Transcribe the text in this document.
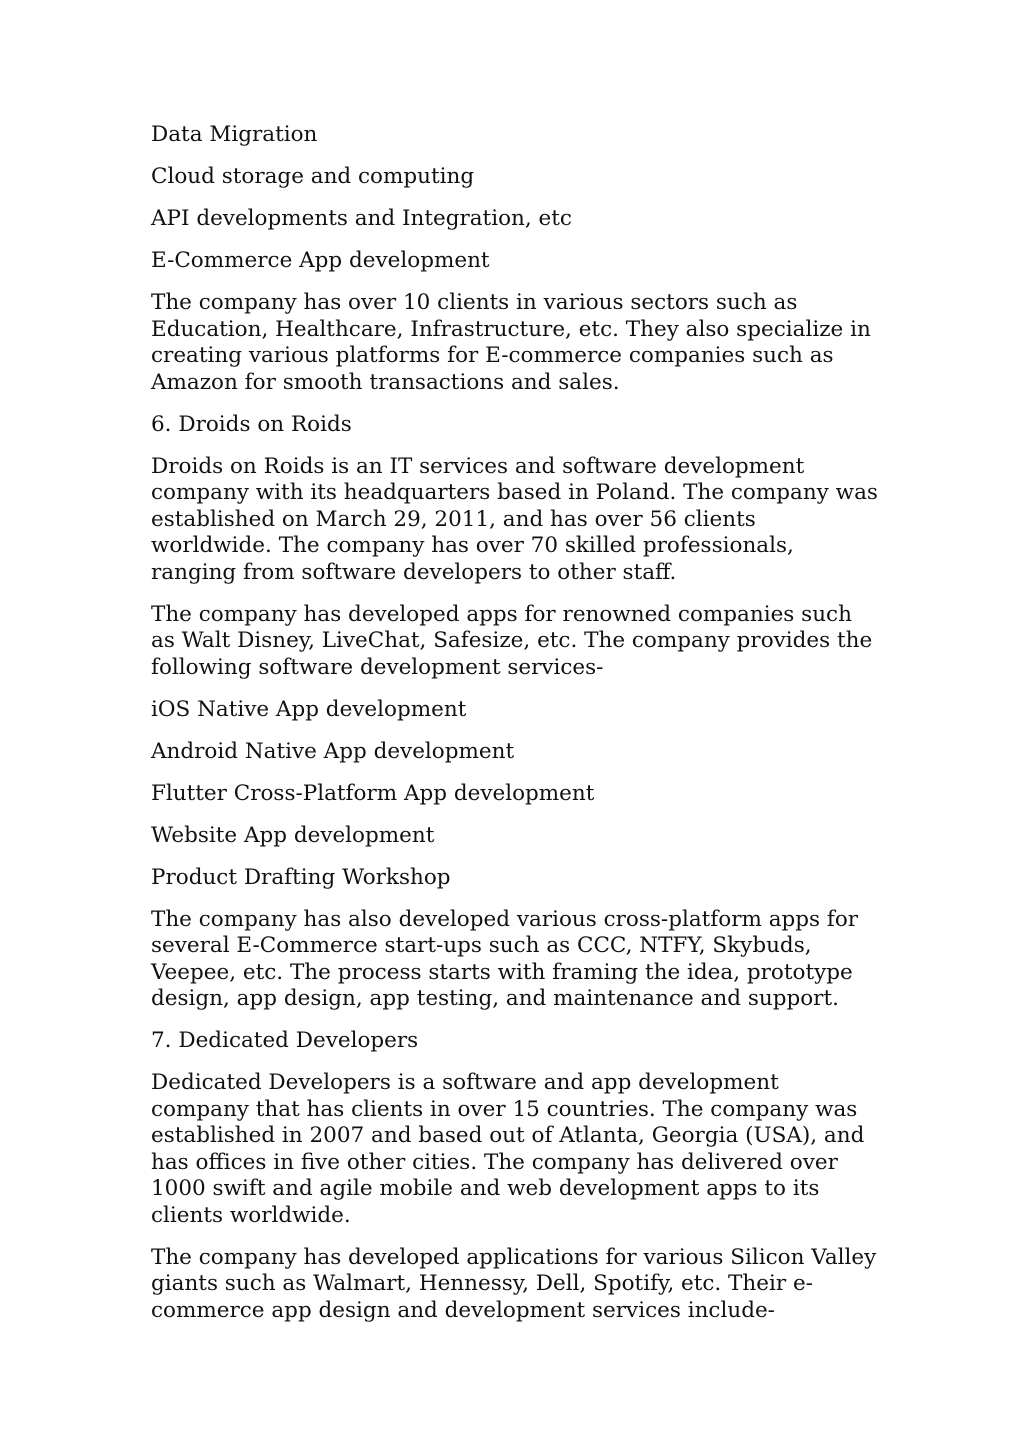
Data Migration

Cloud storage and computing

API developments and Integration, etc

E-Commerce App development

The company has over 10 clients in various sectors such as Education, Healthcare, Infrastructure, etc. They also specialize in creating various platforms for E-commerce companies such as Amazon for smooth transactions and sales.

6. Droids on Roids

Droids on Roids is an IT services and software development company with its headquarters based in Poland. The company was established on March 29, 2011, and has over 56 clients worldwide. The company has over 70 skilled professionals, ranging from software developers to other staff.

The company has developed apps for renowned companies such as Walt Disney, LiveChat, Safesize, etc. The company provides the following software development services-

iOS Native App development

Android Native App development

Flutter Cross-Platform App development

Website App development

Product Drafting Workshop

The company has also developed various cross-platform apps for several E-Commerce start-ups such as CCC, NTFY, Skybuds, Veepee, etc. The process starts with framing the idea, prototype design, app design, app testing, and maintenance and support.

7. Dedicated Developers

Dedicated Developers is a software and app development company that has clients in over 15 countries. The company was established in 2007 and based out of Atlanta, Georgia (USA), and has offices in five other cities. The company has delivered over 1000 swift and agile mobile and web development apps to its clients worldwide.

The company has developed applications for various Silicon Valley giants such as Walmart, Hennessy, Dell, Spotify, etc. Their e-commerce app design and development services include-
